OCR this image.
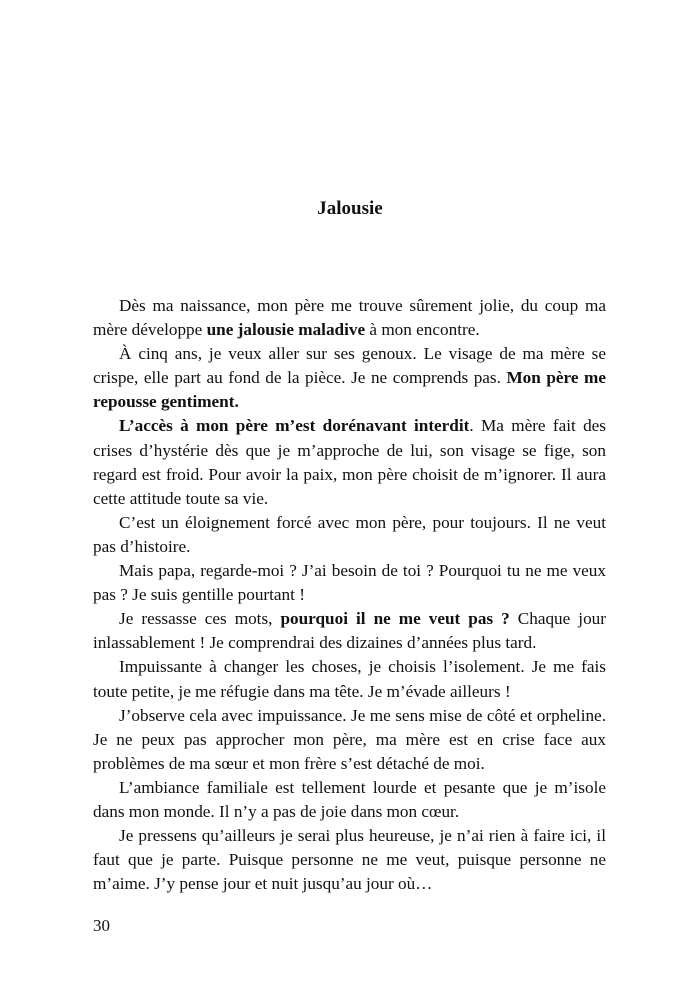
Jalousie

Dès ma naissance, mon père me trouve sûrement jolie, du coup ma mère développe une jalousie maladive à mon encontre.

À cinq ans, je veux aller sur ses genoux. Le visage de ma mère se crispe, elle part au fond de la pièce. Je ne comprends pas. Mon père me repousse gentiment.

L’accès à mon père m’est dorénavant interdit. Ma mère fait des crises d’hystérie dès que je m’approche de lui, son visage se fige, son regard est froid. Pour avoir la paix, mon père choisit de m’ignorer. Il aura cette attitude toute sa vie.

C’est un éloignement forcé avec mon père, pour toujours. Il ne veut pas d’histoire.

Mais papa, regarde-moi ? J’ai besoin de toi ? Pourquoi tu ne me veux pas ? Je suis gentille pourtant !

Je ressasse ces mots, pourquoi il ne me veut pas ? Chaque jour inlassablement ! Je comprendrai des dizaines d’années plus tard.

Impuissante à changer les choses, je choisis l’isolement. Je me fais toute petite, je me réfugie dans ma tête. Je m’évade ailleurs !

J’observe cela avec impuissance. Je me sens mise de côté et orpheline. Je ne peux pas approcher mon père, ma mère est en crise face aux problèmes de ma sœur et mon frère s’est détaché de moi.

L’ambiance familiale est tellement lourde et pesante que je m’isole dans mon monde. Il n’y a pas de joie dans mon cœur.

Je pressens qu’ailleurs je serai plus heureuse, je n’ai rien à faire ici, il faut que je parte. Puisque personne ne me veut, puisque personne ne m’aime. J’y pense jour et nuit jusqu’au jour où…

30
